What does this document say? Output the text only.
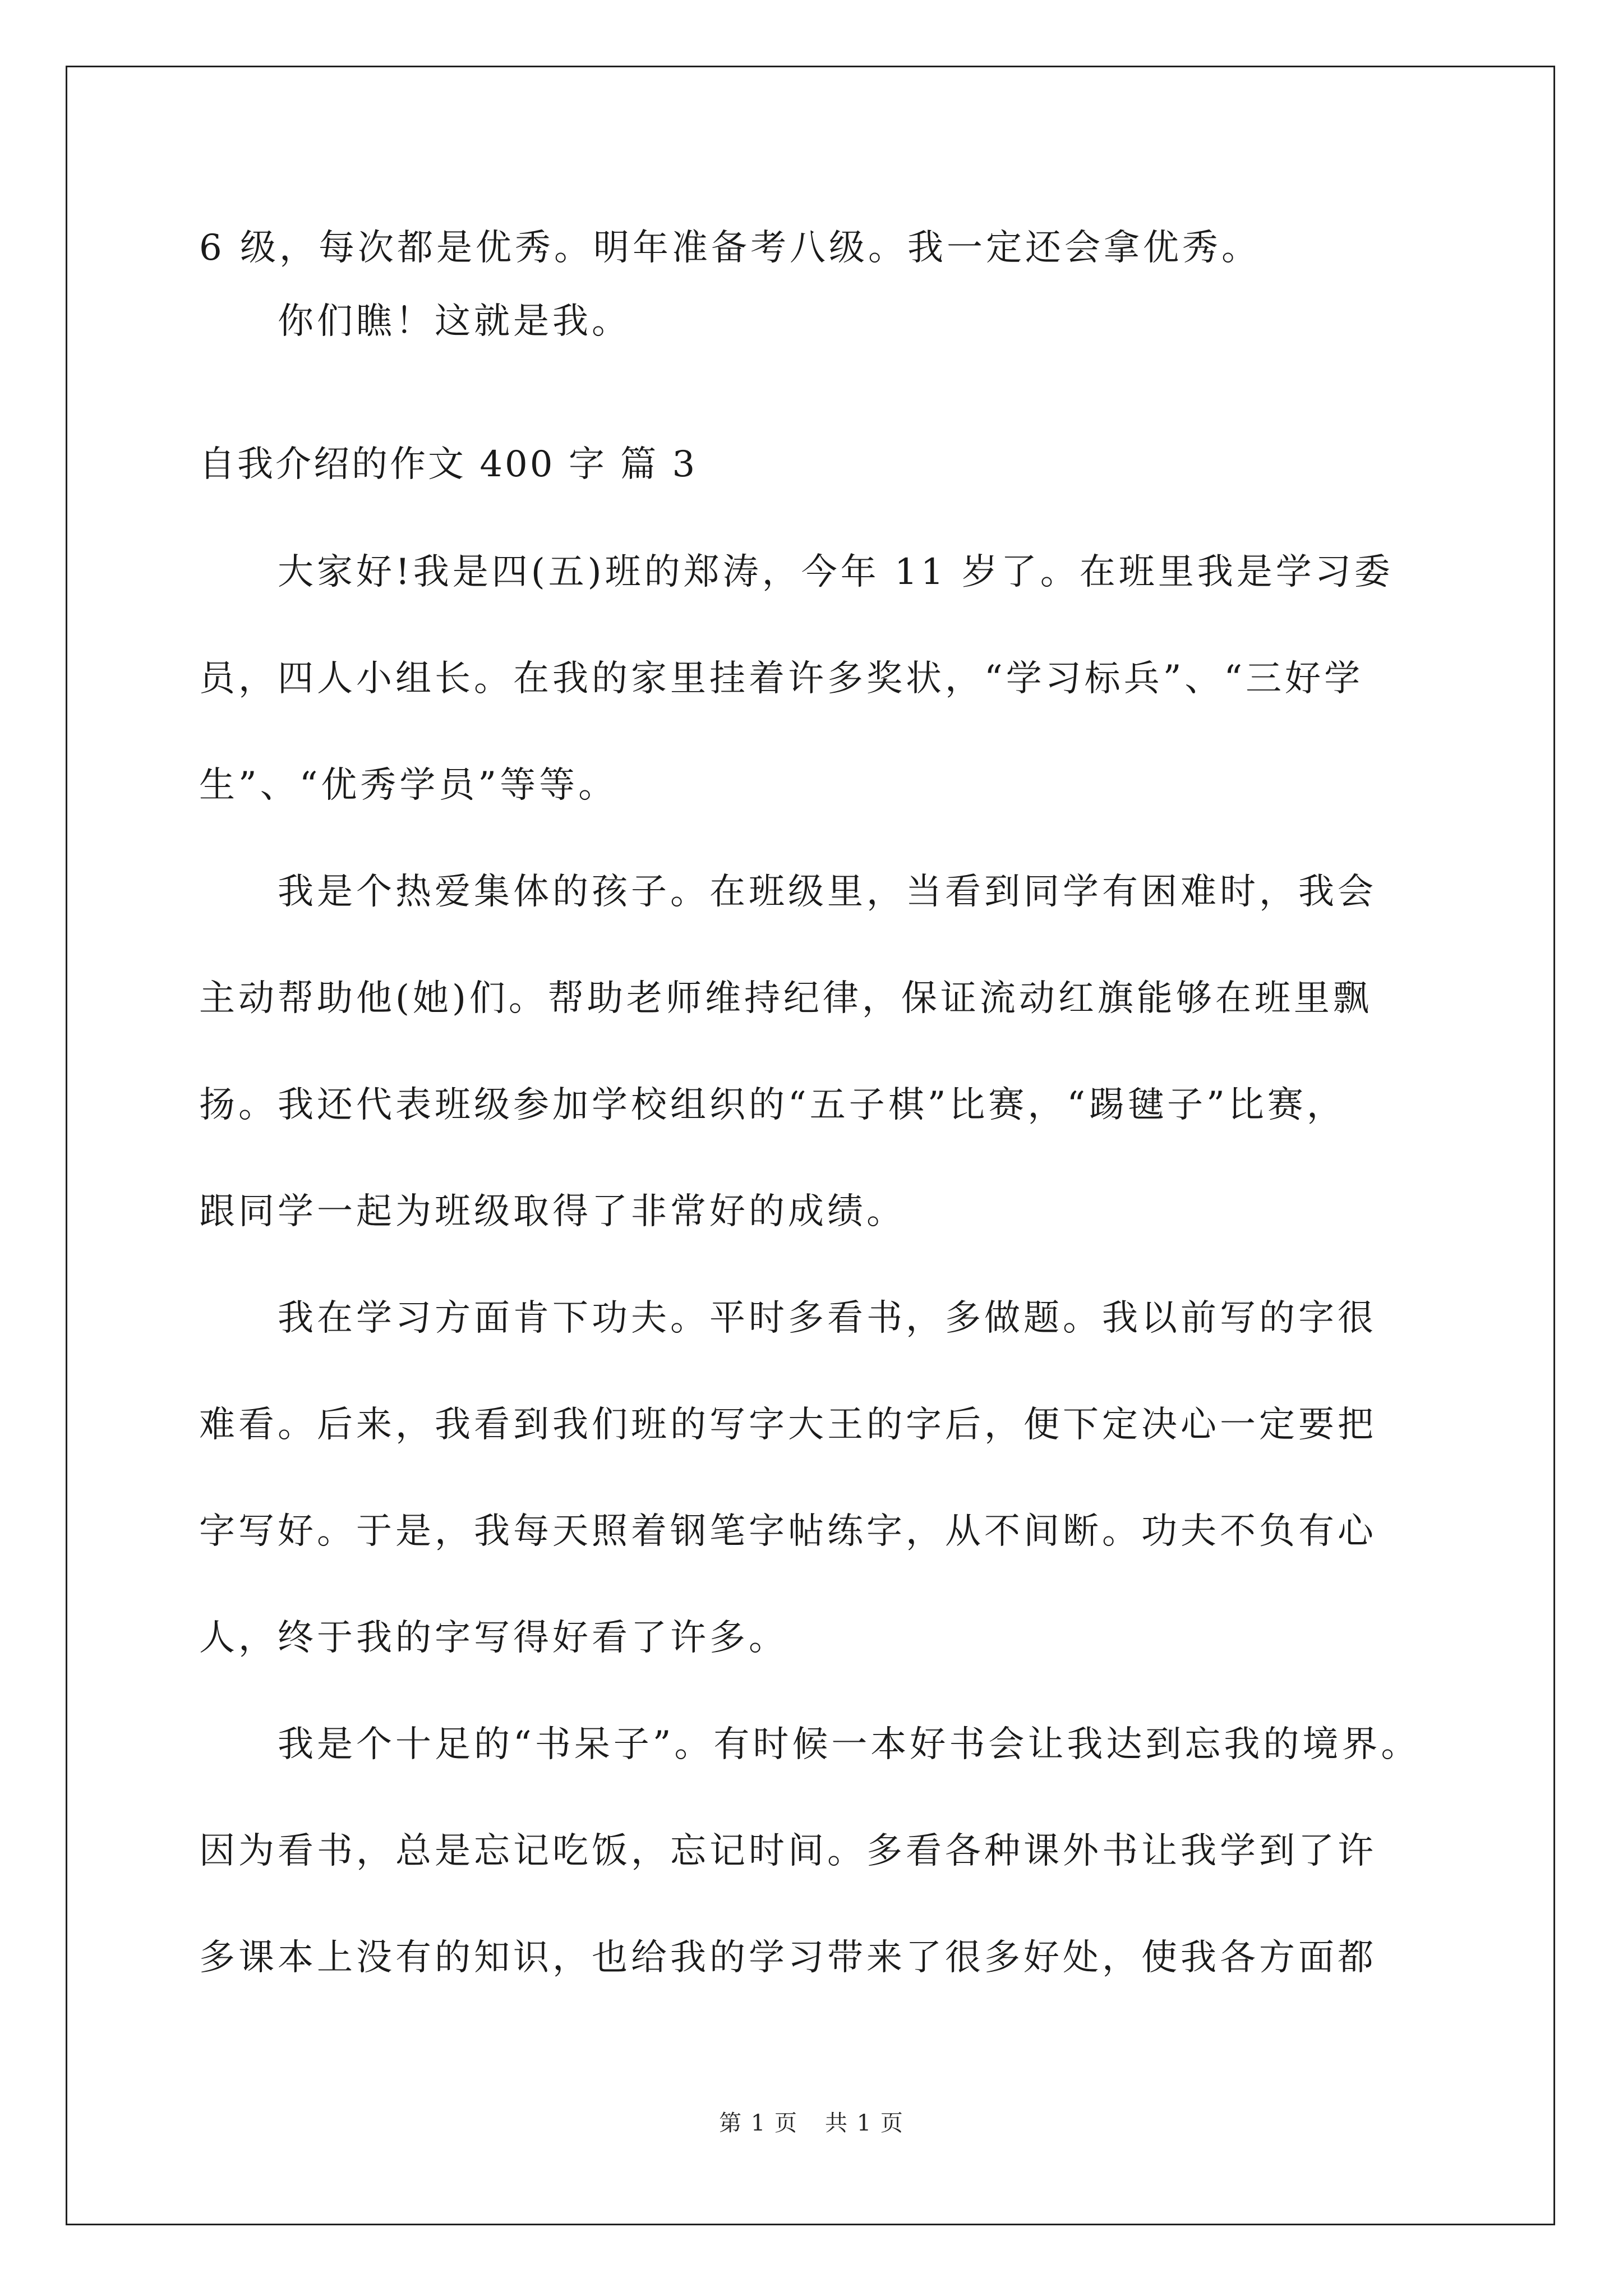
6 级，每次都是优秀。明年准备考八级。我一定还会拿优秀。
　　你们瞧！这就是我。
自我介绍的作文 400 字 篇 3
　　大家好!我是四(五)班的郑涛，今年 11 岁了。在班里我是学习委
员，四人小组长。在我的家里挂着许多奖状，“学习标兵”、“三好学
生”、“优秀学员”等等。
　　我是个热爱集体的孩子。在班级里，当看到同学有困难时，我会
主动帮助他(她)们。帮助老师维持纪律，保证流动红旗能够在班里飘
扬。我还代表班级参加学校组织的“五子棋”比赛，“踢毽子”比赛，
跟同学一起为班级取得了非常好的成绩。
　　我在学习方面肯下功夫。平时多看书，多做题。我以前写的字很
难看。后来，我看到我们班的写字大王的字后，便下定决心一定要把
字写好。于是，我每天照着钢笔字帖练字，从不间断。功夫不负有心
人，终于我的字写得好看了许多。
　　我是个十足的“书呆子”。有时候一本好书会让我达到忘我的境界。
因为看书，总是忘记吃饭，忘记时间。多看各种课外书让我学到了许
多课本上没有的知识，也给我的学习带来了很多好处，使我各方面都
第 1 页 共 1 页
